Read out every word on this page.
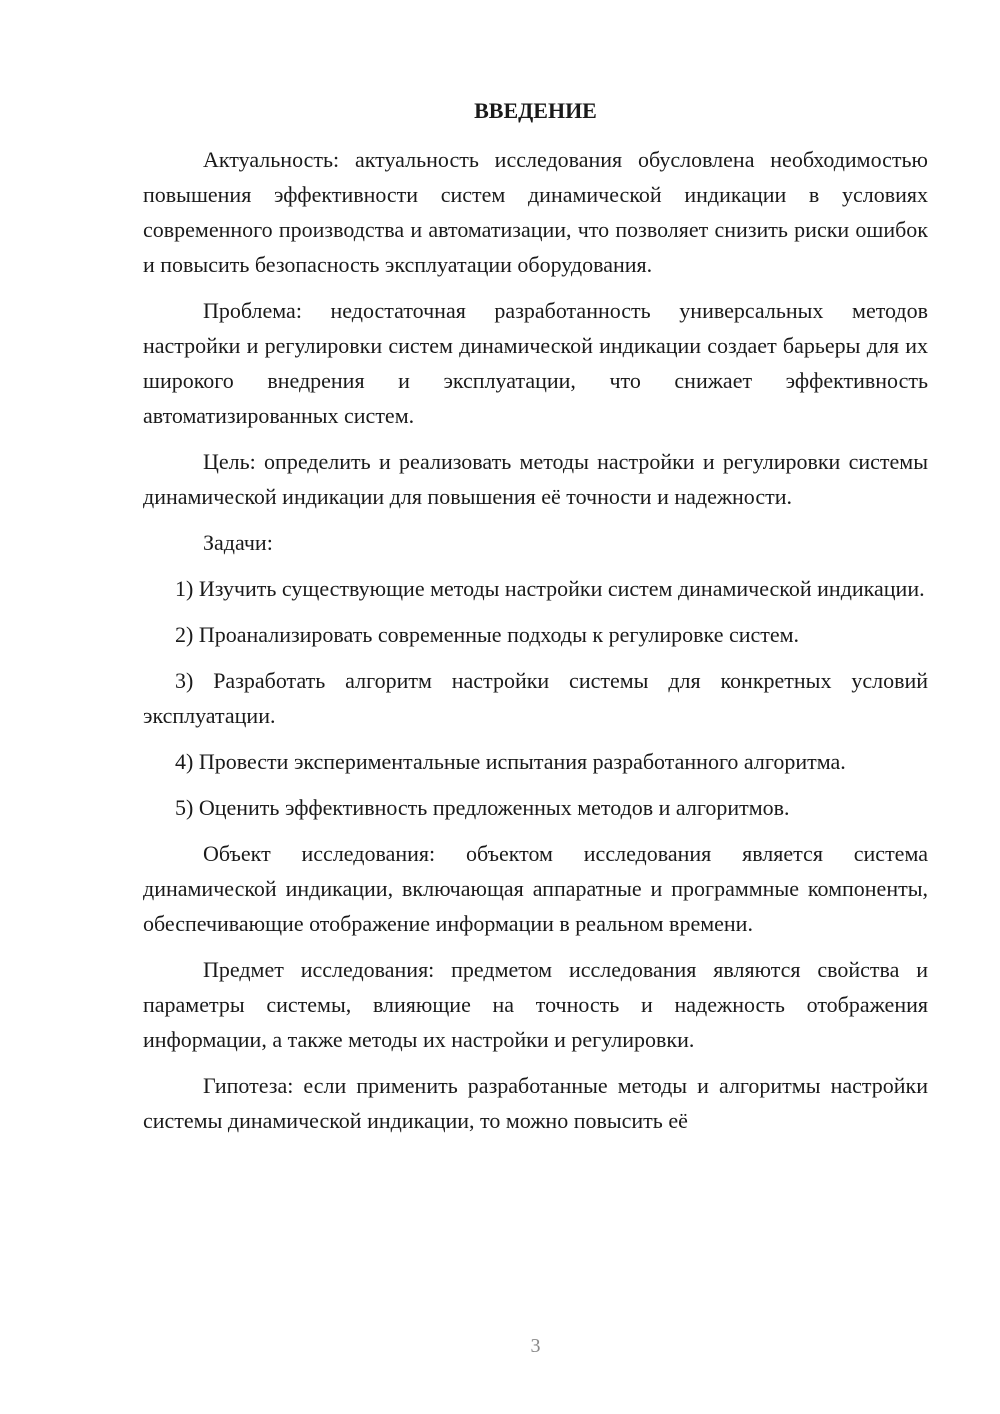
ВВЕДЕНИЕ

Актуальность: актуальность исследования обусловлена необходимостью повышения эффективности систем динамической индикации в условиях современного производства и автоматизации, что позволяет снизить риски ошибок и повысить безопасность эксплуатации оборудования.

Проблема: недостаточная разработанность универсальных методов настройки и регулировки систем динамической индикации создает барьеры для их широкого внедрения и эксплуатации, что снижает эффективность автоматизированных систем.

Цель: определить и реализовать методы настройки и регулировки системы динамической индикации для повышения её точности и надежности.

Задачи:

1) Изучить существующие методы настройки систем динамической индикации.

2) Проанализировать современные подходы к регулировке систем.

3) Разработать алгоритм настройки системы для конкретных условий эксплуатации.

4) Провести экспериментальные испытания разработанного алгоритма.

5) Оценить эффективность предложенных методов и алгоритмов.

Объект исследования: объектом исследования является система динамической индикации, включающая аппаратные и программные компоненты, обеспечивающие отображение информации в реальном времени.

Предмет исследования: предметом исследования являются свойства и параметры системы, влияющие на точность и надежность отображения информации, а также методы их настройки и регулировки.

Гипотеза: если применить разработанные методы и алгоритмы настройки системы динамической индикации, то можно повысить её

3
